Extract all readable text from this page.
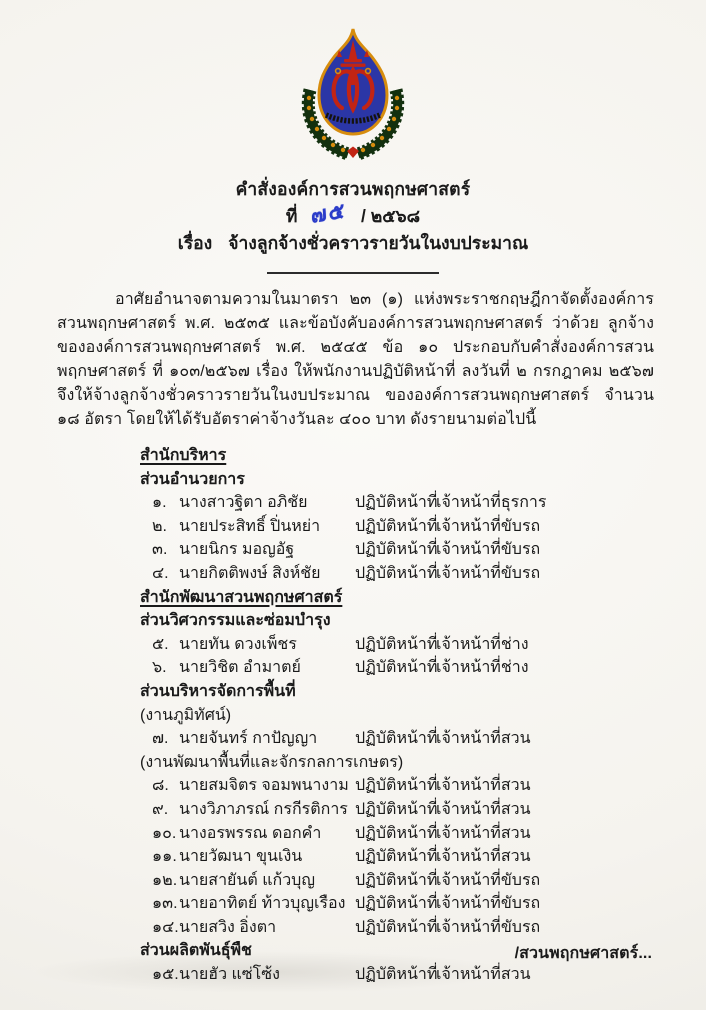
คำสั่งองค์การสวนพฤกษศาสตร์
ที่ ๗๕ / ๒๕๖๘
เรื่อง จ้างลูกจ้างชั่วคราวรายวันในงบประมาณ

อาศัยอำนาจตามความในมาตรา ๒๓ (๑) แห่งพระราชกฤษฎีกาจัดตั้งองค์การสวนพฤกษศาสตร์ พ.ศ. ๒๕๓๕ และข้อบังคับองค์การสวนพฤกษศาสตร์ ว่าด้วย ลูกจ้างขององค์การสวนพฤกษศาสตร์ พ.ศ. ๒๕๔๕ ข้อ ๑๐ ประกอบกับคำสั่งองค์การสวนพฤกษศาสตร์ ที่ ๑๐๓/๒๕๖๗ เรื่อง ให้พนักงานปฏิบัติหน้าที่ ลงวันที่ ๒ กรกฎาคม ๒๕๖๗ จึงให้จ้างลูกจ้างชั่วคราวรายวันในงบประมาณ ขององค์การสวนพฤกษศาสตร์ จำนวน ๑๘ อัตรา โดยให้ได้รับอัตราค่าจ้างวันละ ๔๐๐ บาท ดังรายนามต่อไปนี้

สำนักบริหาร
ส่วนอำนวยการ
๑. นางสาวฐิตา อภิชัย	ปฏิบัติหน้าที่
เจ้าหน้าที่ธุรการ
๒. นายประสิทธิ์ ปิ่นหย่า	ปฏิบัติหน้าที่
เจ้าหน้าที่ขับรถ
๓. นายนิกร มอญอัฐ	ปฏิบัติหน้าที่
เจ้าหน้าที่ขับรถ
๔. นายกิตติพงษ์ สิงห์ชัย	ปฏิบัติหน้าที่
เจ้าหน้าที่ขับรถ
สำนักพัฒนาสวนพฤกษศาสตร์
ส่วนวิศวกรรมและซ่อมบำรุง
๕. นายทัน ดวงเพ็ชร	ปฏิบัติหน้าที่
เจ้าหน้าที่ช่าง
๖. นายวิชิต อำมาตย์	ปฏิบัติหน้าที่
เจ้าหน้าที่ช่าง
ส่วนบริหารจัดการพื้นที่
(งานภูมิทัศน์)
๗. นายจันทร์ กาปัญญา	ปฏิบัติหน้าที่
เจ้าหน้าที่สวน
(งานพัฒนาพื้นที่และจักรกลการเกษตร)
๘. นายสมจิตร จอมพนางาม ปฏิบัติหน้าที่
เจ้าหน้าที่สวน
๙. นางวิภาภรณ์ กรกีรติการ ปฏิบัติหน้าที่
เจ้าหน้าที่สวน
๑๐. นางอรพรรณ ดอกคำ	ปฏิบัติหน้าที่
เจ้าหน้าที่สวน
๑๑. นายวัฒนา ขุนเงิน	ปฏิบัติหน้าที่
เจ้าหน้าที่สวน
๑๒. นายสายันต์ แก้วบุญ	ปฏิบัติหน้าที่
เจ้าหน้าที่ขับรถ
๑๓. นายอาทิตย์ ท้าวบุญเรือง ปฏิบัติหน้าที่
เจ้าหน้าที่ขับรถ
๑๔. นายสวิง อิ่งตา	ปฏิบัติหน้าที่
เจ้าหน้าที่ขับรถ
ส่วนผลิตพันธุ์พืช
๑๕. นายฮัว แซ่โซ้ง	ปฏิบัติหน้าที่
เจ้าหน้าที่สวน
/สวนพฤกษศาสตร์...
